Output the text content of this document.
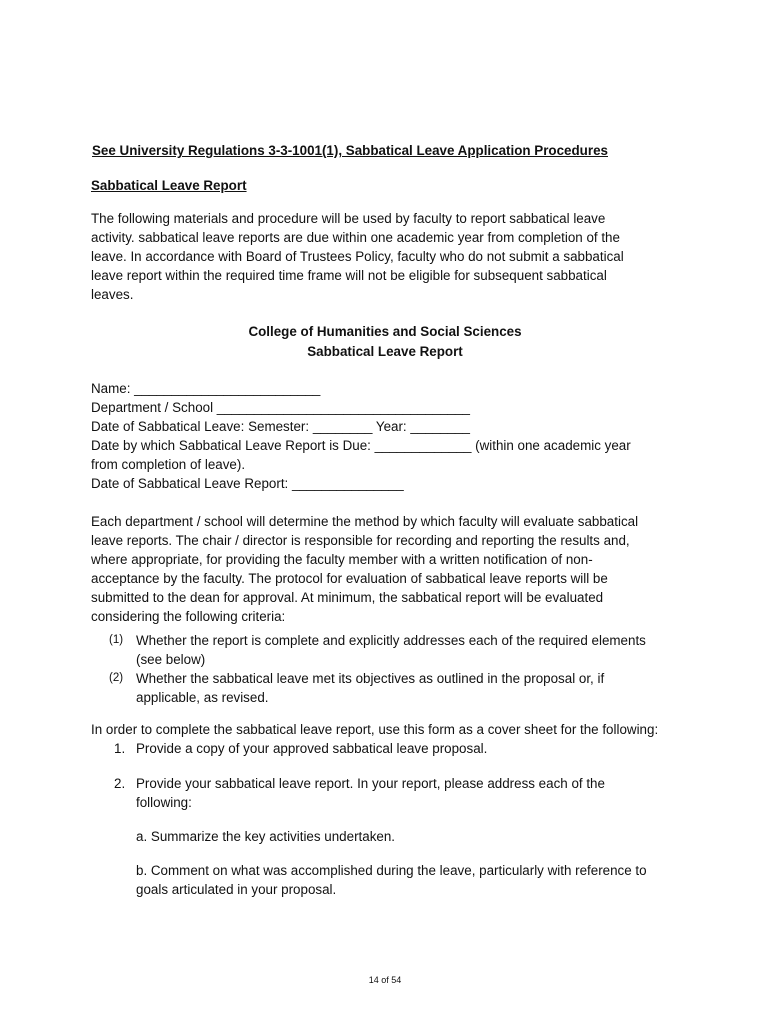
See University Regulations 3-3-1001(1), Sabbatical Leave Application Procedures
Sabbatical Leave Report

The following materials and procedure will be used by faculty to report sabbatical leave

activity. sabbatical leave reports are due within one academic year from completion of the

leave. In accordance with Board of Trustees Policy, faculty who do not submit a sabbatical

leave report within the required time frame will not be eligible for subsequent sabbatical

leaves.

College of Humanities and Social Sciences
Sabbatical Leave Report

Name: _________________________

Department / School __________________________________

Date of Sabbatical Leave: Semester: ________ Year: ________

Date by which Sabbatical Leave Report is Due: _____________ (within one academic year

from completion of leave).

Date of Sabbatical Leave Report: _______________

Each department / school will determine the method by which faculty will evaluate sabbatical

leave reports. The chair / director is responsible for recording and reporting the results and,

where appropriate, for providing the faculty member with a written notification of non-

acceptance by the faculty. The protocol for evaluation of sabbatical leave reports will be

submitted to the dean for approval. At minimum, the sabbatical report will be evaluated

considering the following criteria:

(1) Whether the report is complete and explicitly addresses each of the required elements

(see below)

(2) Whether the sabbatical leave met its objectives as outlined in the proposal or, if

applicable, as revised.

In order to complete the sabbatical leave report, use this form as a cover sheet for the following:
1. Provide a copy of your approved sabbatical leave proposal.

2. Provide your sabbatical leave report. In your report, please address each of the

following:

a. Summarize the key activities undertaken.

b. Comment on what was accomplished during the leave, particularly with reference to

goals articulated in your proposal.

14 of 54
